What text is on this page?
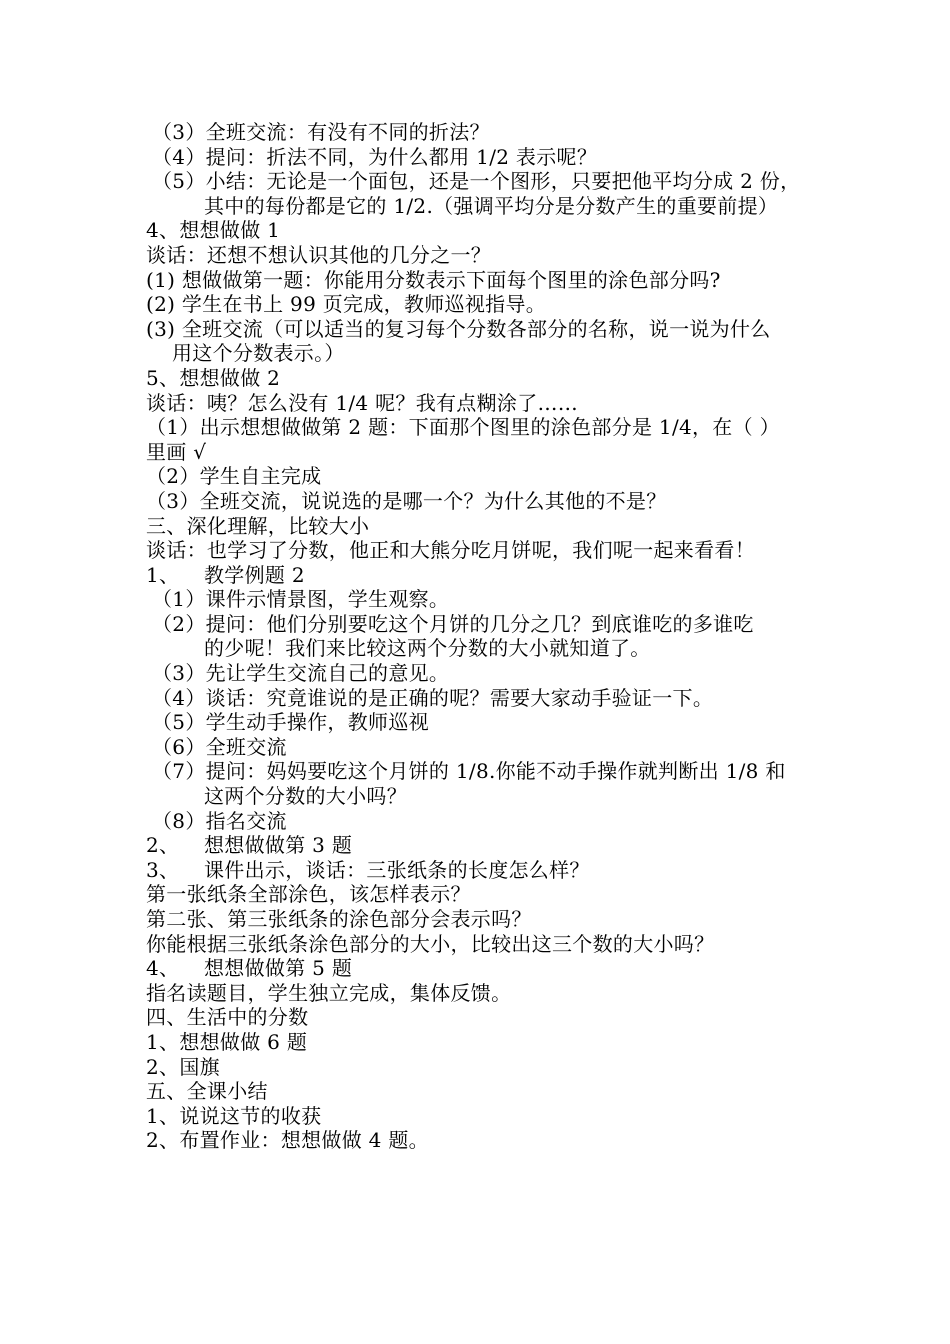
（3）全班交流：有没有不同的折法？
（4）提问：折法不同，为什么都用 1/2 表示呢？
（5）小结：无论是一个面包，还是一个图形，只要把他平均分成 2 份，
其中的每份都是它的 1/2.（强调平均分是分数产生的重要前提）
4、想想做做 1
谈话：还想不想认识其他的几分之一？
(1) 想做做第一题：你能用分数表示下面每个图里的涂色部分吗?
(2) 学生在书上 99 页完成，教师巡视指导。
(3) 全班交流（可以适当的复习每个分数各部分的名称，说一说为什么
用这个分数表示。）
5、想想做做 2
谈话：咦？怎么没有 1/4 呢？我有点糊涂了……
（1）出示想想做做第 2 题：下面那个图里的涂色部分是 1/4，在（ ）
里画 √
（2）学生自主完成
（3）全班交流，说说选的是哪一个？为什么其他的不是？
三、深化理解，比较大小
谈话：也学习了分数，他正和大熊分吃月饼呢，我们呢一起来看看！
1、	教学例题 2
（1）课件示情景图，学生观察。
（2）提问：他们分别要吃这个月饼的几分之几？到底谁吃的多谁吃
的少呢！我们来比较这两个分数的大小就知道了。
（3）先让学生交流自己的意见。
（4）谈话：究竟谁说的是正确的呢？需要大家动手验证一下。
（5）学生动手操作，教师巡视
（6）全班交流
（7）提问：妈妈要吃这个月饼的 1/8.你能不动手操作就判断出 1/8 和
这两个分数的大小吗？
（8）指名交流
2、	想想做做第 3 题
3、	课件出示，谈话：三张纸条的长度怎么样？
第一张纸条全部涂色，该怎样表示？
第二张、第三张纸条的涂色部分会表示吗？
你能根据三张纸条涂色部分的大小，比较出这三个数的大小吗？
4、	想想做做第 5 题
指名读题目，学生独立完成，集体反馈。
四、生活中的分数
1、想想做做 6 题
2、国旗
五、全课小结
1、说说这节的收获
2、布置作业：想想做做 4 题。
